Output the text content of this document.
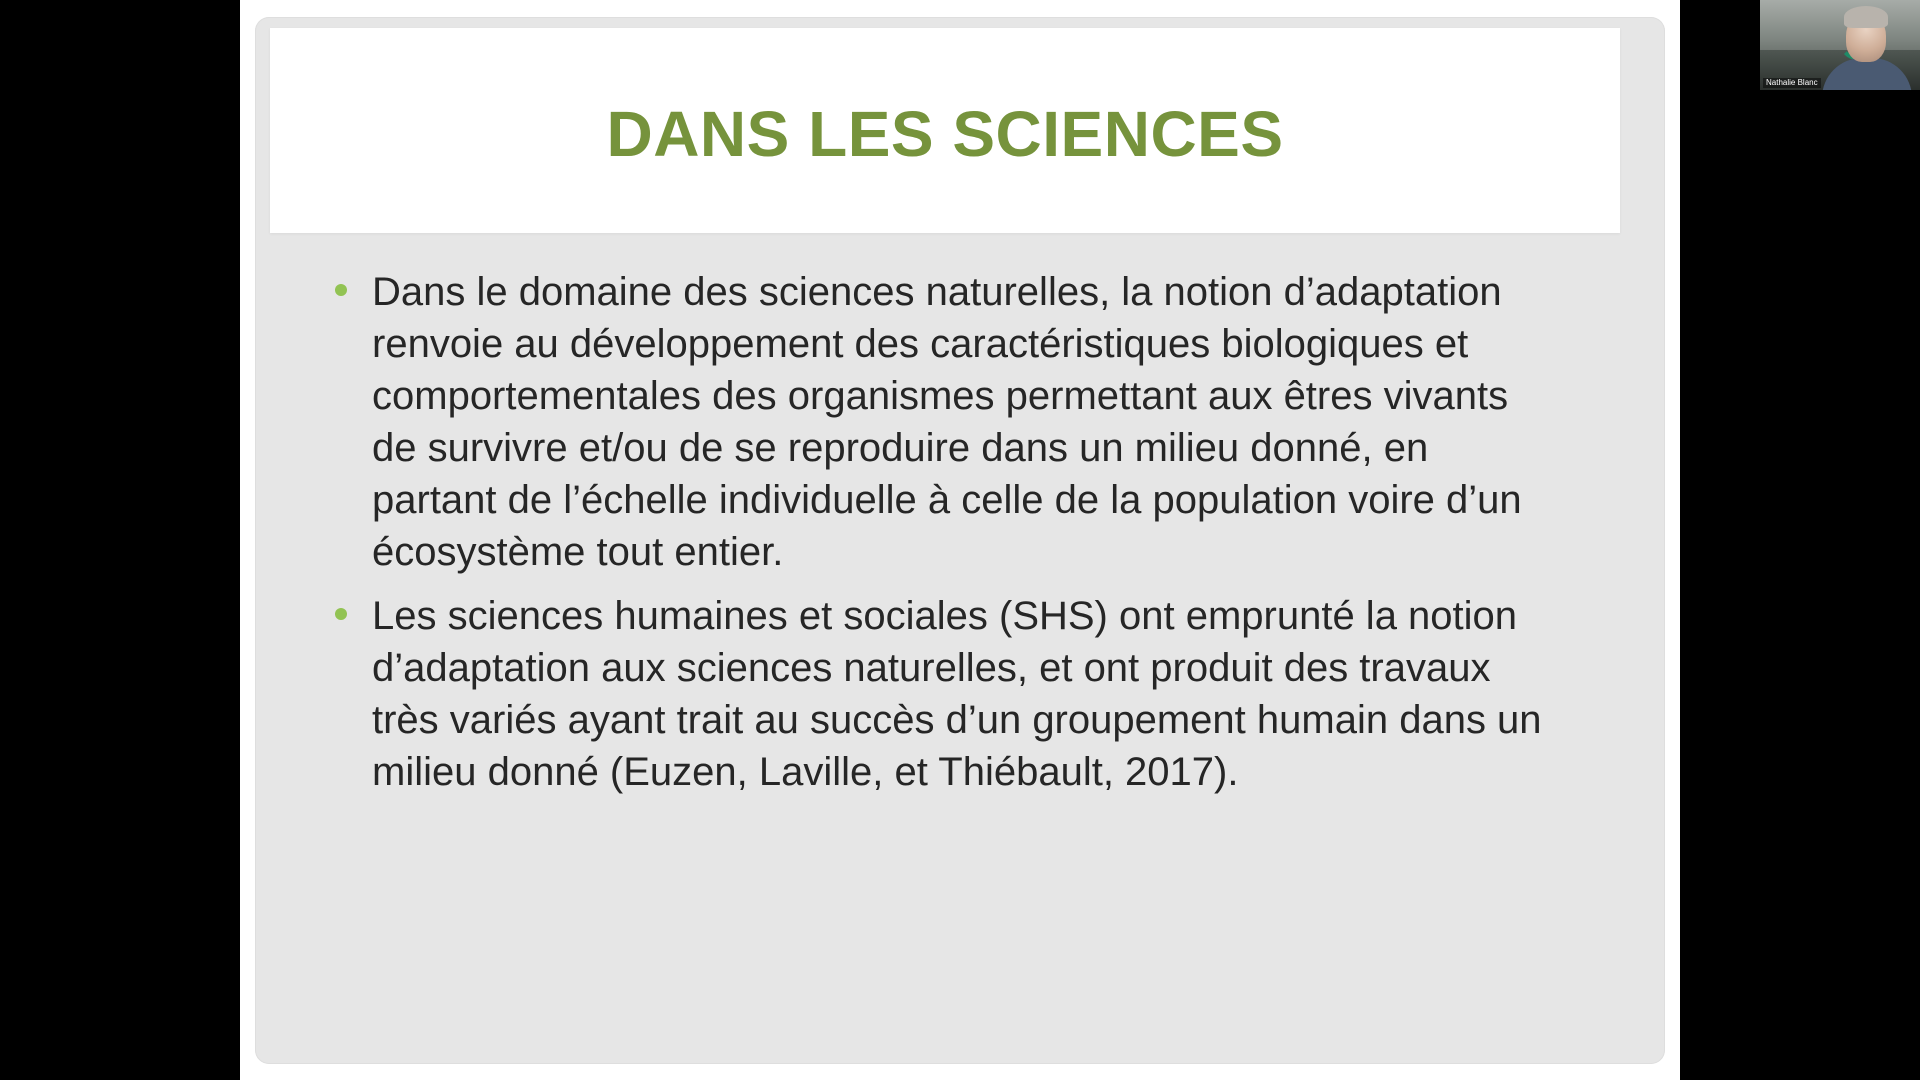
DANS LES SCIENCES
Dans le domaine des sciences naturelles, la notion d’adaptation renvoie au développement des caractéristiques biologiques et comportementales des organismes permettant aux êtres vivants de survivre et/ou de se reproduire dans un milieu donné, en partant de l’échelle individuelle à celle de la population voire d’un écosystème tout entier.
Les sciences humaines et sociales (SHS) ont emprunté la notion d’adaptation aux sciences naturelles, et ont produit des travaux très variés ayant trait au succès d’un groupement humain dans un milieu donné (Euzen, Laville, et Thiébault, 2017).
Nathalie Blanc
